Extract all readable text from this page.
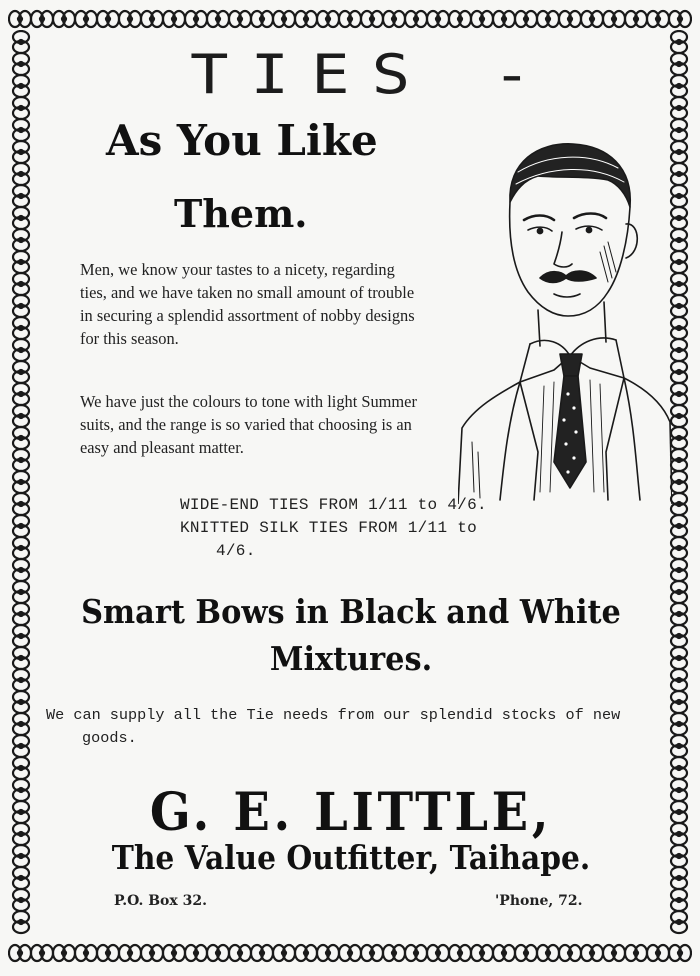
TIES -
As You Like
Them.
Men, we know your tastes to a nicety, regarding ties, and we have taken no small amount of trouble in securing a splendid assortment of nobby designs for this season.
We have just the colours to tone with light Summer suits, and the range is so varied that choosing is an easy and pleasant matter.
WIDE-END TIES FROM 1/11 to 4/6.
KNITTED SILK TIES FROM 1/11 to
4/6.
Smart Bows in Black and White
Mixtures.
We can supply all the Tie needs from our splendid stocks of new
goods.
G. E. LITTLE,
The Value Outfitter, Taihape.
P.O. Box 32.	'Phone, 72.
